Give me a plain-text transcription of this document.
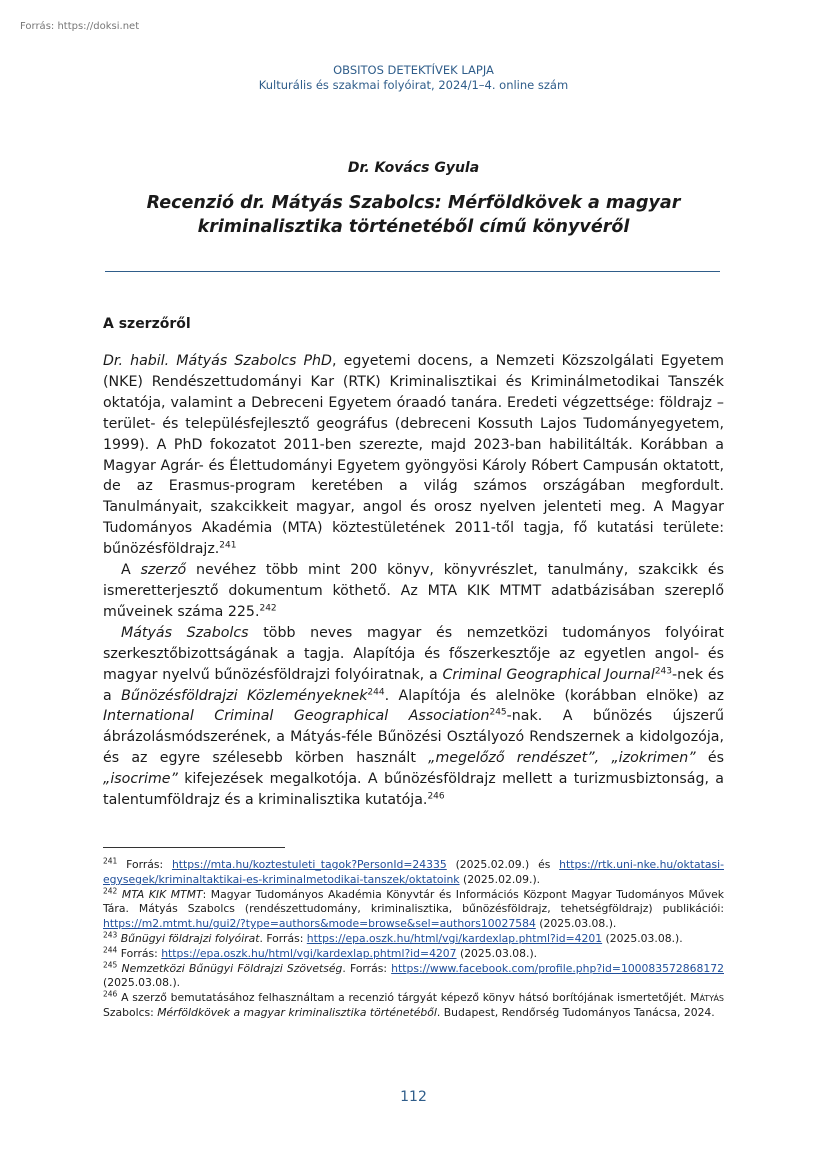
Forrás: https://doksi.net
OBSITOS DETEKTÍVEK LAPJA
Kulturális és szakmai folyóirat, 2024/1–4. online szám
Dr. Kovács Gyula
Recenzió dr. Mátyás Szabolcs: Mérföldkövek a magyar kriminalisztika történetéből című könyvéről
A szerzőről

Dr. habil. Mátyás Szabolcs PhD, egyetemi docens, a Nemzeti Közszolgálati Egyetem (NKE) Rendészettudományi Kar (RTK) Kriminalisztikai és Kriminálmetodikai Tanszék oktatója, valamint a Debreceni Egyetem óraadó tanára. Eredeti végzettsége: földrajz – terület- és településfejlesztő geográfus (debreceni Kossuth Lajos Tudományegyetem, 1999). A PhD fokozatot 2011-ben szerezte, majd 2023-ban habilitálták. Korábban a Magyar Agrár- és Élettudományi Egyetem gyöngyösi Károly Róbert Campusán oktatott, de az Erasmus-program keretében a világ számos országában megfordult. Tanulmányait, szakcikkeit magyar, angol és orosz nyelven jelenteti meg. A Magyar Tudományos Akadémia (MTA) köztestületének 2011-től tagja, fő kutatási területe: bűnözésföldrajz.$^{241}$

A szerző nevéhez több mint 200 könyv, könyvrészlet, tanulmány, szakcikk és ismeretterjesztő dokumentum köthető. Az MTA KIK MTMT adatbázisában szereplő műveinek száma 225.$^{242}$

Mátyás Szabolcs több neves magyar és nemzetközi tudományos folyóirat szerkesztőbizottságának a tagja. Alapítója és főszerkesztője az egyetlen angol- és magyar nyelvű bűnözésföldrajzi folyóiratnak, a Criminal Geographical Journal$^{243}$-nek és a Bűnözésföldrajzi Közleményeknek$^{244}$. Alapítója és alelnöke (korábban elnöke) az International Criminal Geographical Association$^{245}$-nak. A bűnözés újszerű ábrázolásmódszerének, a Mátyás-féle Bűnözési Osztályozó Rendszernek a kidolgozója, és az egyre szélesebb körben használt „megelőző rendészet”, „izokrimen” és „isocrime” kifejezések megalkotója. A bűnözésföldrajz mellett a turizmusbiztonság, a talentumföldrajz és a kriminalisztika kutatója.$^{246}$

$^{241}$ Forrás: https://mta.hu/koztestuleti_tagok?PersonId=24335 (2025.02.09.) és https://rtk.uni-nke.hu/oktatasi-egysegek/kriminaltaktikai-es-kriminalmetodikai-tanszek/oktatoink (2025.02.09.).

$^{242}$ MTA KIK MTMT: Magyar Tudományos Akadémia Könyvtár és Információs Központ Magyar Tudományos Művek Tára. Mátyás Szabolcs (rendészettudomány, kriminalisztika, bűnözésföldrajz, tehetségföldrajz) publikációi: https://m2.mtmt.hu/gui2/?type=authors&mode=browse&sel=authors10027584 (2025.03.08.).

$^{243}$ Bűnügyi földrajzi folyóirat. Forrás: https://epa.oszk.hu/html/vgi/kardexlap.phtml?id=4201 (2025.03.08.).

$^{244}$ Forrás: https://epa.oszk.hu/html/vgi/kardexlap.phtml?id=4207 (2025.03.08.).

$^{245}$ Nemzetközi Bűnügyi Földrajzi Szövetség. Forrás: https://www.facebook.com/profile.php?id=100083572868172 (2025.03.08.).

$^{246}$ A szerző bemutatásához felhasználtam a recenzió tárgyát képező könyv hátsó borítójának ismertetőjét. Mátyás Szabolcs: Mérföldkövek a magyar kriminalisztika történetéből. Budapest, Rendőrség Tudományos Tanácsa, 2024.

112
